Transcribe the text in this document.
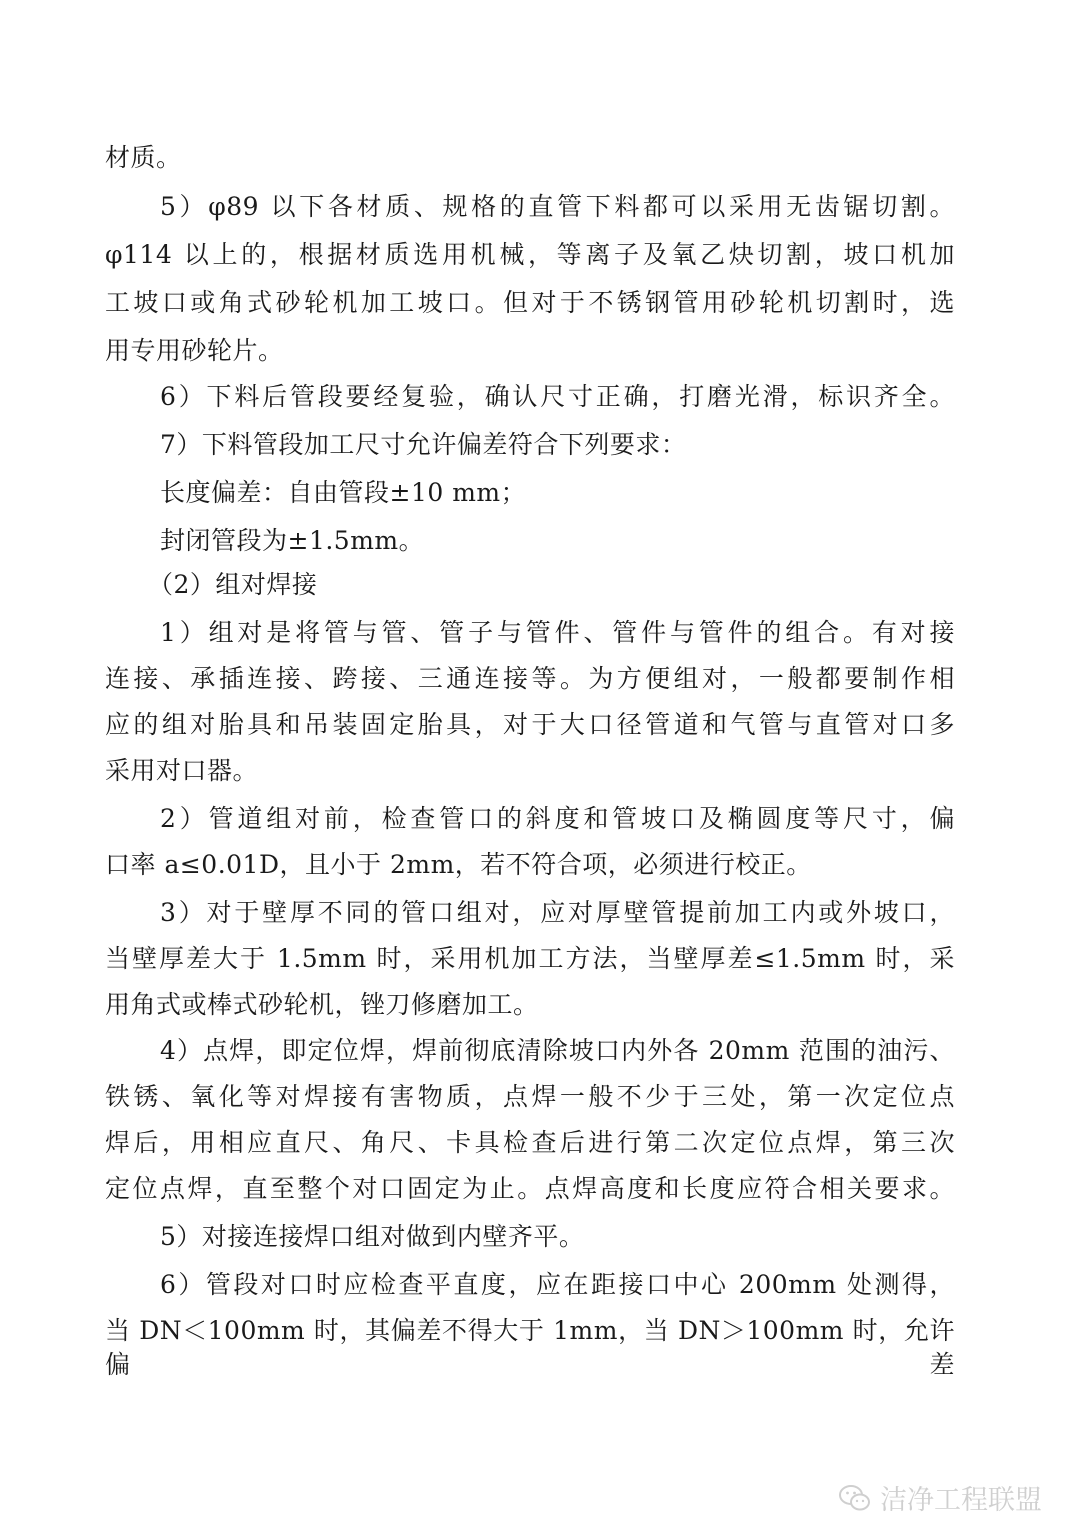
材质。
5）φ89 以下各材质、规格的直管下料都可以采用无齿锯切割。
φ114 以上的，根据材质选用机械，等离子及氧乙炔切割，坡口机加
工坡口或角式砂轮机加工坡口。但对于不锈钢管用砂轮机切割时，选
用专用砂轮片。
6）下料后管段要经复验，确认尺寸正确，打磨光滑，标识齐全。
7）下料管段加工尺寸允许偏差符合下列要求：
长度偏差：自由管段±10 mm；
封闭管段为±1.5mm。
（2）组对焊接
1）组对是将管与管、管子与管件、管件与管件的组合。有对接
连接、承插连接、跨接、三通连接等。为方便组对，一般都要制作相
应的组对胎具和吊装固定胎具，对于大口径管道和气管与直管对口多
采用对口器。
2）管道组对前，检查管口的斜度和管坡口及椭圆度等尺寸，偏
口率 a≤0.01D，且小于 2mm，若不符合项，必须进行校正。
3）对于壁厚不同的管口组对，应对厚壁管提前加工内或外坡口，
当壁厚差大于 1.5mm 时，采用机加工方法，当壁厚差≤1.5mm 时，采
用角式或棒式砂轮机，锉刀修磨加工。
4）点焊，即定位焊，焊前彻底清除坡口内外各 20mm 范围的油污、
铁锈、氧化等对焊接有害物质，点焊一般不少于三处，第一次定位点
焊后，用相应直尺、角尺、卡具检查后进行第二次定位点焊，第三次
定位点焊，直至整个对口固定为止。点焊高度和长度应符合相关要求。
5）对接连接焊口组对做到内壁齐平。
6）管段对口时应检查平直度，应在距接口中心 200mm 处测得，
当 DN＜100mm 时，其偏差不得大于 1mm，当 DN＞100mm 时，允许偏差
洁净工程联盟
